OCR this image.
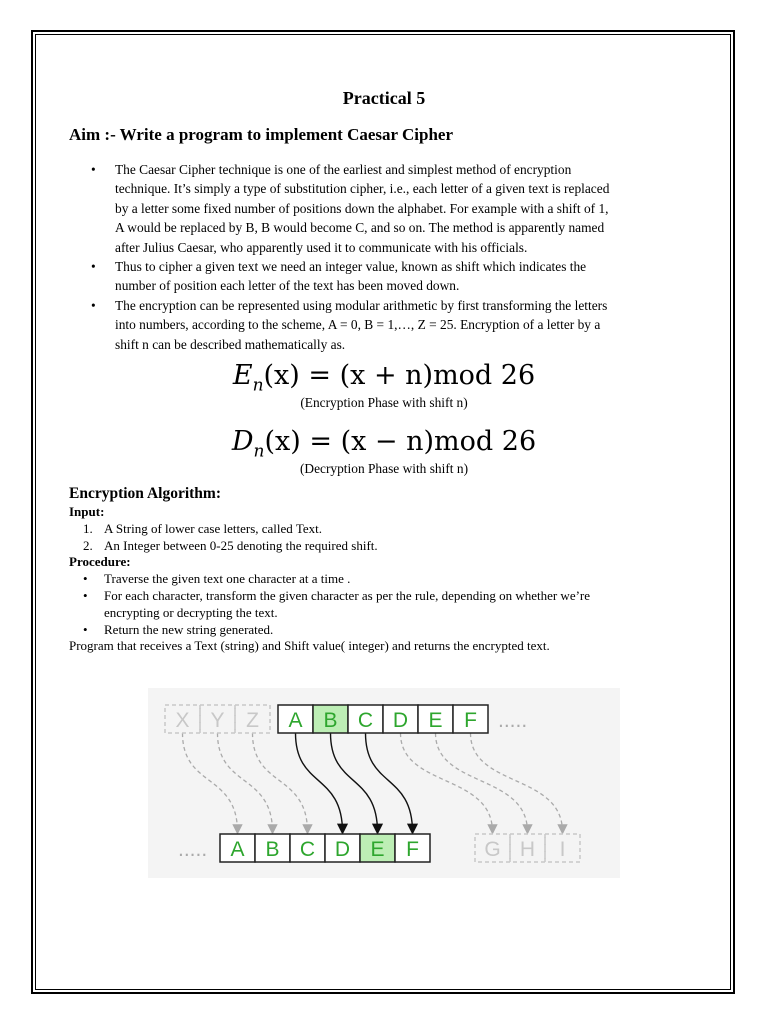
Practical 5
Aim :- Write a program to implement Caesar Cipher
• The Caesar Cipher technique is one of the earliest and simplest method of encryption
technique. It’s simply a type of substitution cipher, i.e., each letter of a given text is replaced
by a letter some fixed number of positions down the alphabet. For example with a shift of 1,
A would be replaced by B, B would become C, and so on. The method is apparently named
after Julius Caesar, who apparently used it to communicate with his officials.
• Thus to cipher a given text we need an integer value, known as shift which indicates the
number of position each letter of the text has been moved down.
• The encryption can be represented using modular arithmetic by first transforming the letters
into numbers, according to the scheme, A = 0, B = 1,…, Z = 25. Encryption of a letter by a
shift n can be described mathematically as.
$E_n(x) = (x + n)mod$ 26
(Encryption Phase with shift n)
$D_n(x) = (x - n)mod$ 26
(Decryption Phase with shift n)
Encryption Algorithm:
Input:
1. A String of lower case letters, called Text.
2. An Integer between 0-25 denoting the required shift.
Procedure:
• Traverse the given text one character at a time .
• For each character, transform the given character as per the rule, depending on whether we’re
encrypting or decrypting the text.
• Return the new string generated.
Program that receives a Text (string) and Shift value( integer) and returns the encrypted text.
X Y Z A B C D E F .....
..... A B C D E F	G H I
